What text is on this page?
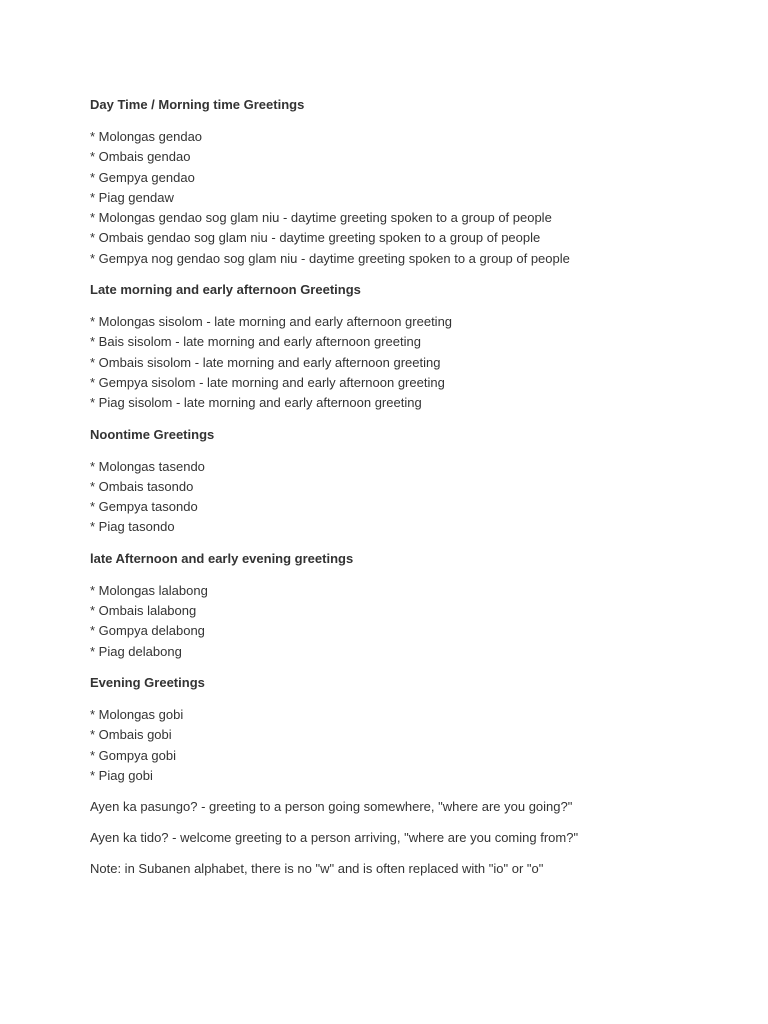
Day Time / Morning time Greetings
* Molongas gendao
* Ombais gendao
* Gempya gendao
* Piag gendaw
* Molongas gendao sog glam niu - daytime greeting spoken to a group of people
* Ombais gendao sog glam niu - daytime greeting spoken to a group of people
* Gempya nog gendao sog glam niu - daytime greeting spoken to a group of people
Late morning and early afternoon Greetings
* Molongas sisolom - late morning and early afternoon greeting
* Bais sisolom - late morning and early afternoon greeting
* Ombais sisolom - late morning and early afternoon greeting
* Gempya sisolom - late morning and early afternoon greeting
* Piag sisolom - late morning and early afternoon greeting
Noontime Greetings
* Molongas tasendo
* Ombais tasondo
* Gempya tasondo
* Piag tasondo
late Afternoon and early evening greetings
* Molongas lalabong
* Ombais lalabong
* Gompya delabong
* Piag delabong
Evening Greetings
* Molongas gobi
* Ombais gobi
* Gompya gobi
* Piag gobi

Ayen ka pasungo? - greeting to a person going somewhere, "where are you going?"

Ayen ka tido? - welcome greeting to a person arriving, "where are you coming from?"

Note: in Subanen alphabet, there is no "w" and is often replaced with "io" or "o"
